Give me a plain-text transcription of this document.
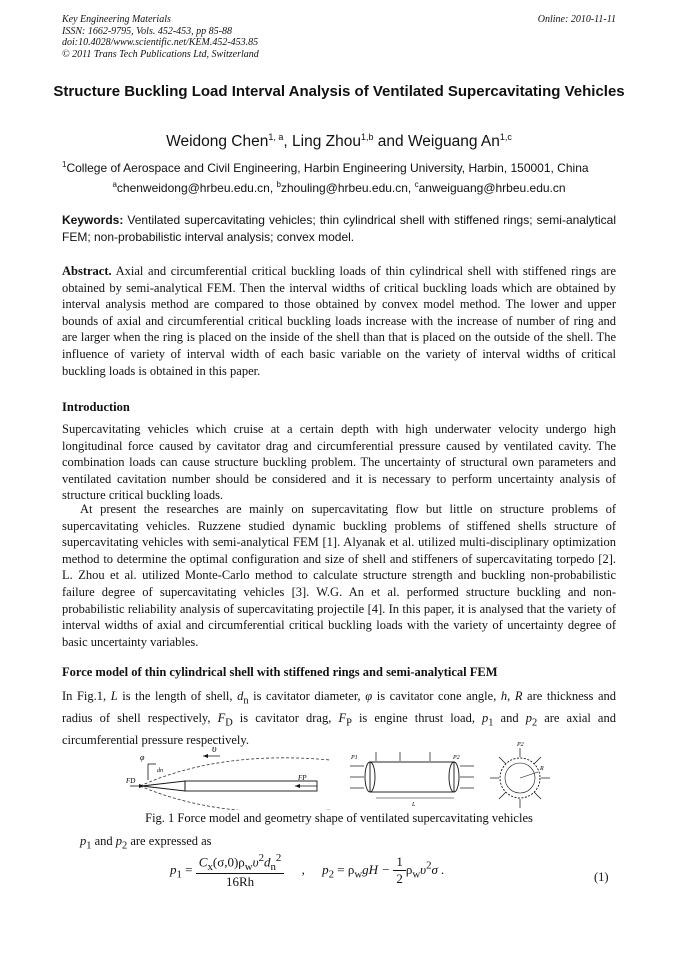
Key Engineering Materials
ISSN: 1662-9795, Vols. 452-453, pp 85-88
doi:10.4028/www.scientific.net/KEM.452-453.85
© 2011 Trans Tech Publications Ltd, Switzerland
Online: 2010-11-11
Structure Buckling Load Interval Analysis of Ventilated Supercavitating Vehicles
Weidong Chen$^{1, a}$, Ling Zhou$^{1,b}$ and Weiguang An$^{1,c}$
$^1$College of Aerospace and Civil Engineering, Harbin Engineering University, Harbin, 150001, China
$^a$chenweidong@hrbeu.edu.cn, $^b$zhouling@hrbeu.edu.cn, $^c$anweiguang@hrbeu.edu.cn
Keywords: Ventilated supercavitating vehicles; thin cylindrical shell with stiffened rings; semi-analytical FEM; non-probabilistic interval analysis; convex model.
Abstract. Axial and circumferential critical buckling loads of thin cylindrical shell with stiffened rings are obtained by semi-analytical FEM. Then the interval widths of critical buckling loads which are obtained by interval analysis method are compared to those obtained by convex model method. The lower and upper bounds of axial and circumferential critical buckling loads increase with the increase of number of ring and are larger when the ring is placed on the inside of the shell than that is placed on the outside of the shell. The influence of variety of interval width of each basic variable on the variety of interval widths of critical buckling loads is obtained in this paper.
Introduction
Supercavitating vehicles which cruise at a certain depth with high underwater velocity undergo high longitudinal force caused by cavitator drag and circumferential pressure caused by ventilated cavity. The combination loads can cause structure buckling problem. The uncertainty of structural own parameters and ventilated cavitation number should be considered and it is necessary to perform uncertainty analysis of structure critical buckling loads.
At present the researches are mainly on supercavitating flow but little on structure problems of supercavitating vehicles. Ruzzene studied dynamic buckling problems of stiffened shells structure of supercavitating vehicles with semi-analytical FEM [1]. Alyanak et al. utilized multi-disciplinary optimization method to determine the optimal configuration and size of shell and stiffeners of supercavitating torpedo [2]. L. Zhou et al. utilized Monte-Carlo method to calculate structure strength and buckling non-probabilistic failure degree of supercavitating vehicles [3]. W.G. An et al. performed structure buckling and non-probabilistic reliability analysis of supercavitating projectile [4]. In this paper, it is analysed that the variety of interval widths of axial and circumferential critical buckling loads with the variety of uncertainty degree of basic uncertainty variables.
Force model of thin cylindrical shell with stiffened rings and semi-analytical FEM
In Fig.1, L is the length of shell, $d_n$ is cavitator diameter, φ is cavitator cone angle, h, R are thickness and radius of shell respectively, $F_D$ is cavitator drag, $F_P$ is engine thrust load, $p_1$ and $p_2$ are axial and circumferential pressure respectively.
φ
dn
υ
FD	FP
P1	P2
L
P2
R
Fig. 1 Force model and geometry shape of ventilated supercavitating vehicles
$p_1$ and $p_2$ are expressed as
$p_1 = \frac{C_x(\sigma,0)\rho_w\upsilon^2d_n^2}{16Rh}$ , $p_2 = \rho_wgH - \frac{1}{2} \rho_w\upsilon^2\sigma$ .
(1)
